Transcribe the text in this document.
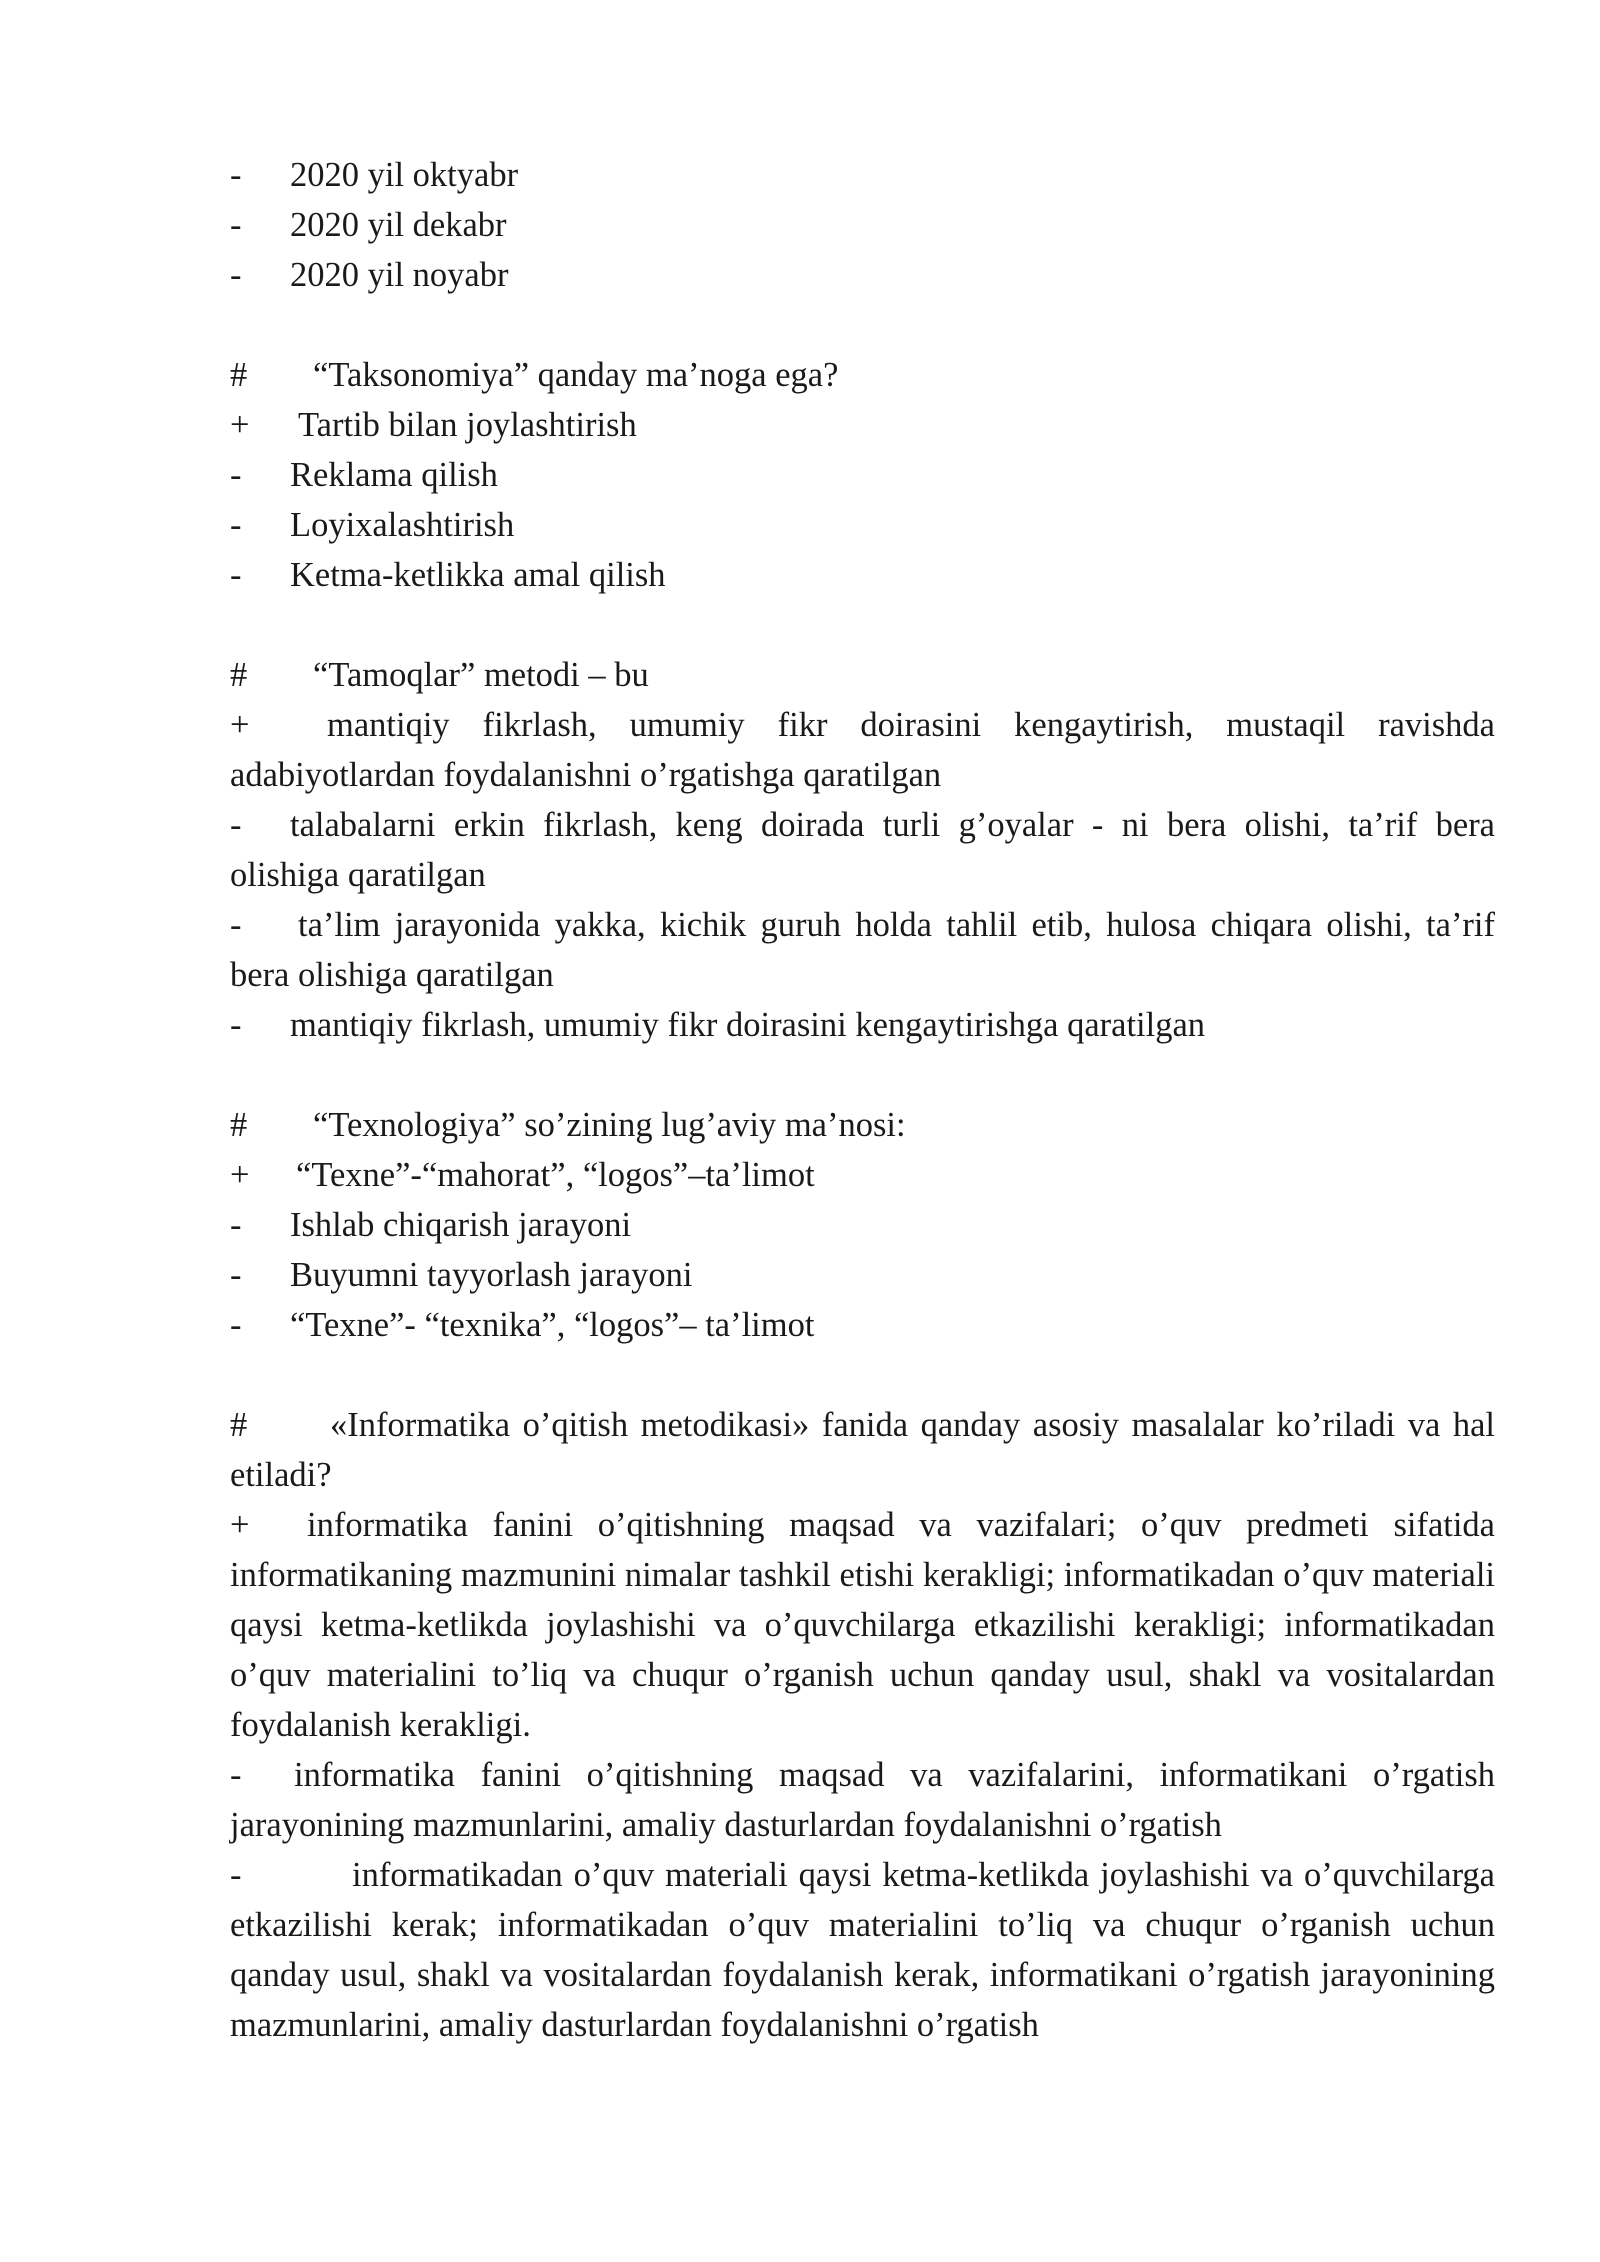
-	2020 yil oktyabr
-	2020 yil dekabr
-	2020 yil noyabr
#	“Taksonomiya” qanday ma’noga ega?
+	Tartib bilan joylashtirish
-	Reklama qilish
-	Loyixalashtirish
-	Ketma-ketlikka amal qilish
#	“Tamoqlar” metodi – bu
+ mantiqiy fikrlash, umumiy fikr doirasini kengaytirish, mustaqil ravishda adabiyotlardan foydalanishni o’rgatishga qaratilgan
- talabalarni erkin fikrlash, keng doirada turli g’oyalar - ni bera olishi, ta’rif bera olishiga qaratilgan
- ta’lim jarayonida yakka, kichik guruh holda tahlil etib, hulosa chiqara olishi, ta’rif bera olishiga qaratilgan
-	mantiqiy fikrlash, umumiy fikr doirasini kengaytirishga qaratilgan
#	“Texnologiya” so’zining lug’aviy ma’nosi:
+	“Texne”-“mahorat”, “logos”–ta’limot
-	Ishlab chiqarish jarayoni
-	Buyumni tayyorlash jarayoni
-	“Texne”- “texnika”, “logos”– ta’limot
# «Informatika o’qitish metodikasi» fanida qanday asosiy masalalar ko’riladi va hal etiladi?
+ informatika fanini o’qitishning maqsad va vazifalari; o’quv predmeti sifatida informatikaning mazmunini nimalar tashkil etishi kerakligi; informatikadan o’quv materiali qaysi ketma-ketlikda joylashishi va o’quvchilarga etkazilishi kerakligi; informatikadan o’quv materialini to’liq va chuqur o’rganish uchun qanday usul, shakl va vositalardan foydalanish kerakligi.
- informatika fanini o’qitishning maqsad va vazifalarini, informatikani o’rgatish jarayonining mazmunlarini, amaliy dasturlardan foydalanishni o’rgatish
-	informatikadan o’quv materiali qaysi ketma-ketlikda joylashishi va o’quvchilarga etkazilishi kerak; informatikadan o’quv materialini to’liq va chuqur o’rganish uchun qanday usul, shakl va vositalardan foydalanish kerak, informatikani o’rgatish jarayonining mazmunlarini, amaliy dasturlardan foydalanishni o’rgatish
